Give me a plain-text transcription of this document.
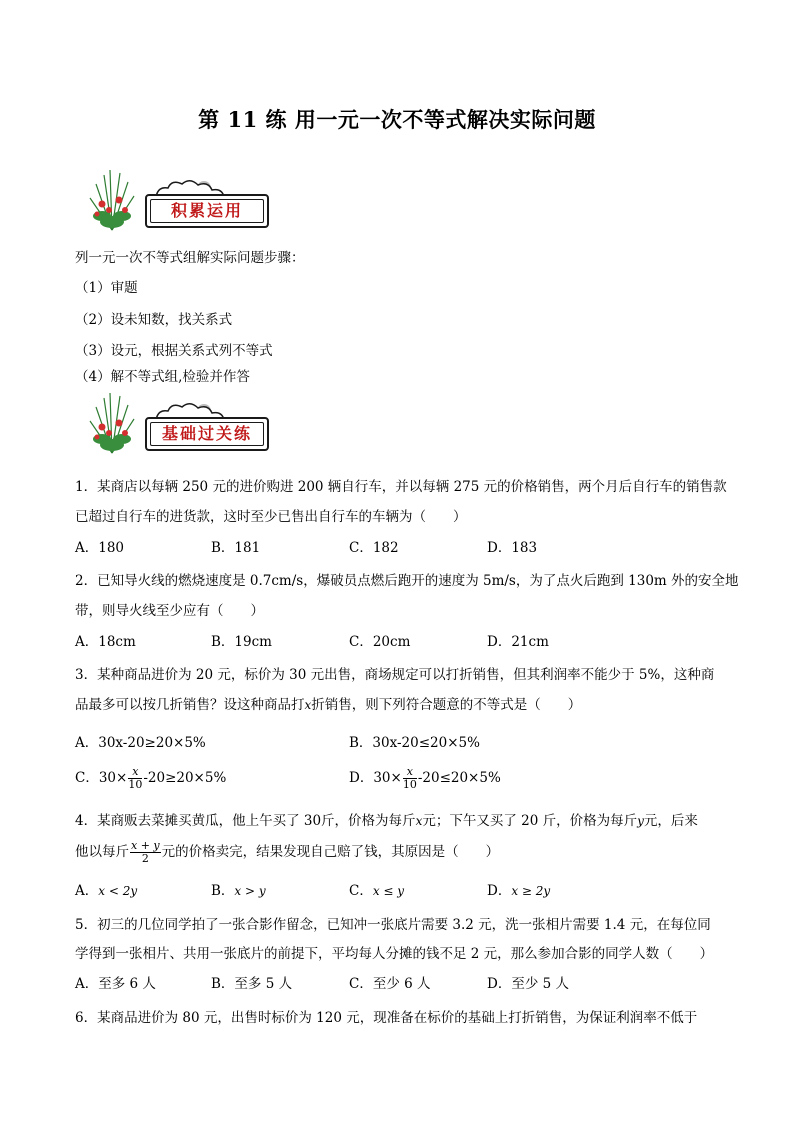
第 11 练 用一元一次不等式解决实际问题
积累运用
列一元一次不等式组解实际问题步骤：
（1）审题
（2）设未知数，找关系式
（3）设元，根据关系式列不等式
（4）解不等式组,检验并作答
基础过关练
1．某商店以每辆 250 元的进价购进 200 辆自行车，并以每辆 275 元的价格销售，两个月后自行车的销售款
已超过自行车的进货款，这时至少已售出自行车的车辆为（　　）
A．180	B．181	C．182	D．183
2．已知导火线的燃烧速度是 0.7cm/s，爆破员点燃后跑开的速度为 5m/s，为了点火后跑到 130m 外的安全地
带，则导火线至少应有（　　）
A．18cm	B．19cm	C．20cm	D．21cm
3．某种商品进价为 20 元，标价为 30 元出售，商场规定可以打折销售，但其利润率不能少于 5%，这种商
品最多可以按几折销售？设这种商品打x折销售，则下列符合题意的不等式是（　　）
A．30x-20≥20×5%	B．30x-20≤20×5%
C．$30\times \frac{x}{10} -20\ge 20\times 5\%$	D．$30\times \frac{x}{10} -20\le 20\times 5\%$
4．某商贩去菜摊买黄瓜，他上午买了 30斤，价格为每斤x元；下午又买了 20 斤，价格为每斤y元，后来
他以每斤 $\frac{x + y}{2}$ 元的价格卖完，结果发现自己赔了钱，其原因是（　　）
A．x < 2y	B．x > y	C．x ≤ y	D．x ≥ 2y
5．初三的几位同学拍了一张合影作留念，已知冲一张底片需要 3.2 元，洗一张相片需要 1.4 元，在每位同
学得到一张相片、共用一张底片的前提下，平均每人分摊的钱不足 2 元，那么参加合影的同学人数（　　）
A．至多 6 人	B．至多 5 人	C．至少 6 人	D．至少 5 人
6．某商品进价为 80 元，出售时标价为 120 元，现准备在标价的基础上打折销售，为保证利润率不低于
